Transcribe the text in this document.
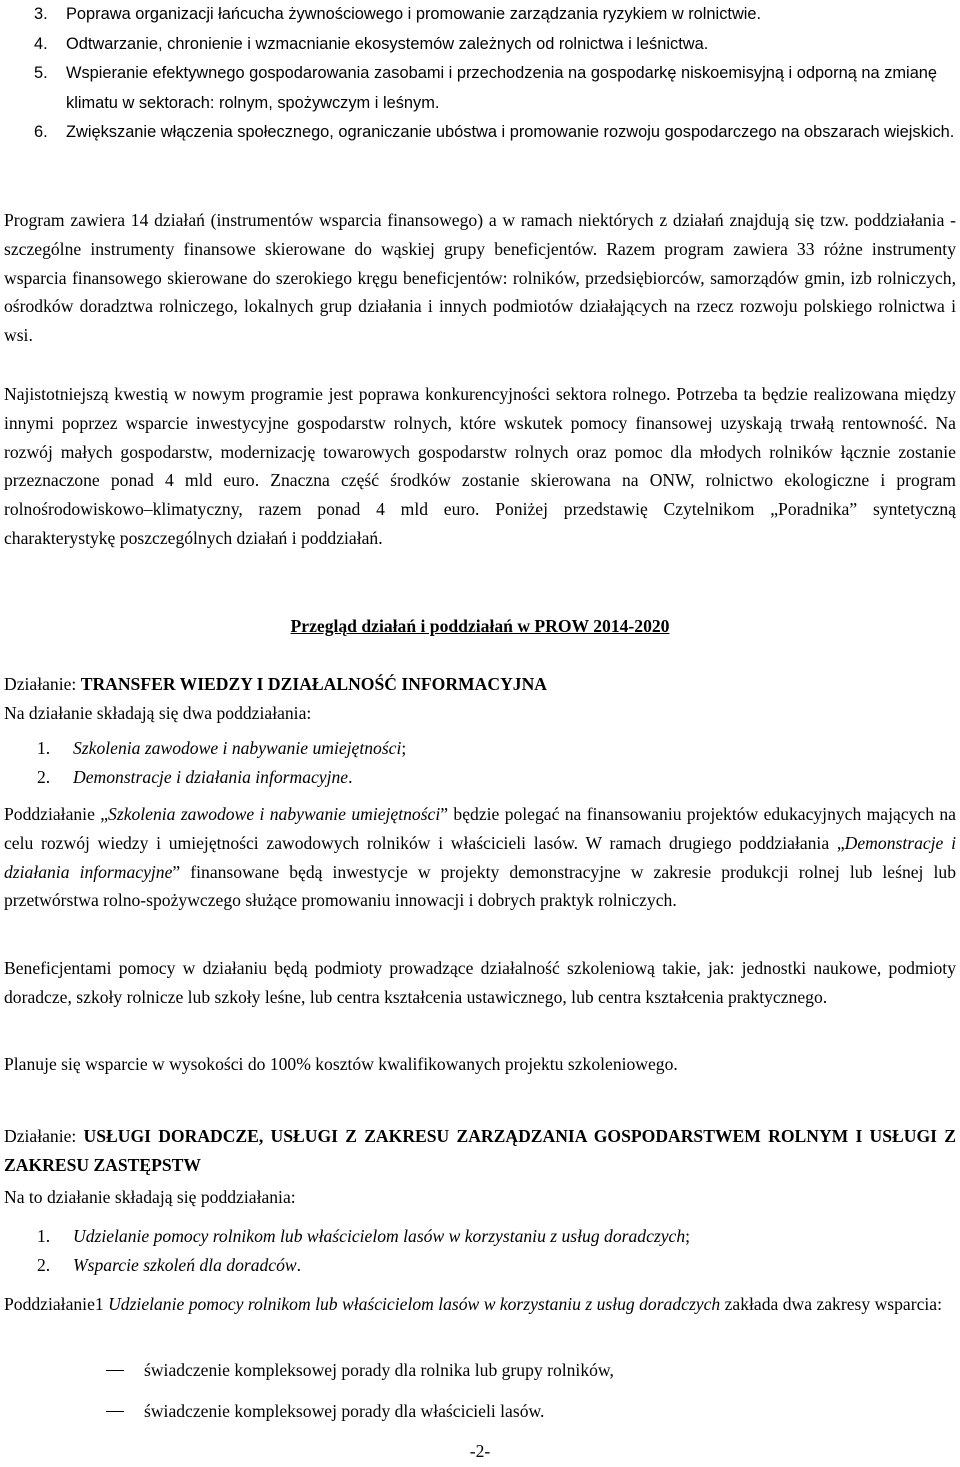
3.	Poprawa organizacji łańcucha żywnościowego i promowanie zarządzania ryzykiem w rolnictwie.
4.	Odtwarzanie, chronienie i wzmacnianie ekosystemów zależnych od rolnictwa i leśnictwa.
5.	Wspieranie efektywnego gospodarowania zasobami i przechodzenia na gospodarkę niskoemisyjną i odporną na zmianę klimatu w sektorach: rolnym, spożywczym i leśnym.
6.	Zwiększanie włączenia społecznego, ograniczanie ubóstwa i promowanie rozwoju gospodarczego na obszarach wiejskich.

Program zawiera 14 działań (instrumentów wsparcia finansowego) a w ramach niektórych z działań znajdują się tzw. poddziałania - szczególne instrumenty finansowe skierowane do wąskiej grupy beneficjentów. Razem program zawiera 33 różne instrumenty wsparcia finansowego skierowane do szerokiego kręgu beneficjentów: rolników, przedsiębiorców, samorządów gmin, izb rolniczych, ośrodków doradztwa rolniczego, lokalnych grup działania i innych podmiotów działających na rzecz rozwoju polskiego rolnictwa i wsi.

Najistotniejszą kwestią w nowym programie jest poprawa konkurencyjności sektora rolnego. Potrzeba ta będzie realizowana między innymi poprzez wsparcie inwestycyjne gospodarstw rolnych, które wskutek pomocy finansowej uzyskają trwałą rentowność. Na rozwój małych gospodarstw, modernizację towarowych gospodarstw rolnych oraz pomoc dla młodych rolników łącznie zostanie przeznaczone ponad 4 mld euro. Znaczna część środków zostanie skierowana na ONW, rolnictwo ekologiczne i program rolnośrodowiskowo–klimatyczny, razem ponad 4 mld euro. Poniżej przedstawię Czytelnikom „Poradnika” syntetyczną charakterystykę poszczególnych działań i poddziałań.

Przegląd działań i poddziałań w PROW 2014-2020
Działanie: TRANSFER WIEDZY I DZIAŁALNOŚĆ INFORMACYJNA

Na działanie składają się dwa poddziałania:

1.	Szkolenia zawodowe i nabywanie umiejętności;
2.	Demonstracje i działania informacyjne.

Poddziałanie „Szkolenia zawodowe i nabywanie umiejętności” będzie polegać na finansowaniu projektów edukacyjnych mających na celu rozwój wiedzy i umiejętności zawodowych rolników i właścicieli lasów. W ramach drugiego poddziałania „Demonstracje i działania informacyjne” finansowane będą inwestycje w projekty demonstracyjne w zakresie produkcji rolnej lub leśnej lub przetwórstwa rolno-spożywczego służące promowaniu innowacji i dobrych praktyk rolniczych.

Beneficjentami pomocy w działaniu będą podmioty prowadzące działalność szkoleniową takie, jak: jednostki naukowe, podmioty doradcze, szkoły rolnicze lub szkoły leśne, lub centra kształcenia ustawicznego, lub centra kształcenia praktycznego.

Planuje się wsparcie w wysokości do 100% kosztów kwalifikowanych projektu szkoleniowego.

Działanie: USŁUGI DORADCZE, USŁUGI Z ZAKRESU ZARZĄDZANIA GOSPODARSTWEM ROLNYM I USŁUGI Z ZAKRESU ZASTĘPSTW

Na to działanie składają się poddziałania:

1.	Udzielanie pomocy rolnikom lub właścicielom lasów w korzystaniu z usług doradczych;
2.	Wsparcie szkoleń dla doradców.

Poddziałanie1 Udzielanie pomocy rolnikom lub właścicielom lasów w korzystaniu z usług doradczych zakłada dwa zakresy wsparcia:

świadczenie kompleksowej porady dla rolnika lub grupy rolników,
świadczenie kompleksowej porady dla właścicieli lasów.
-2-
